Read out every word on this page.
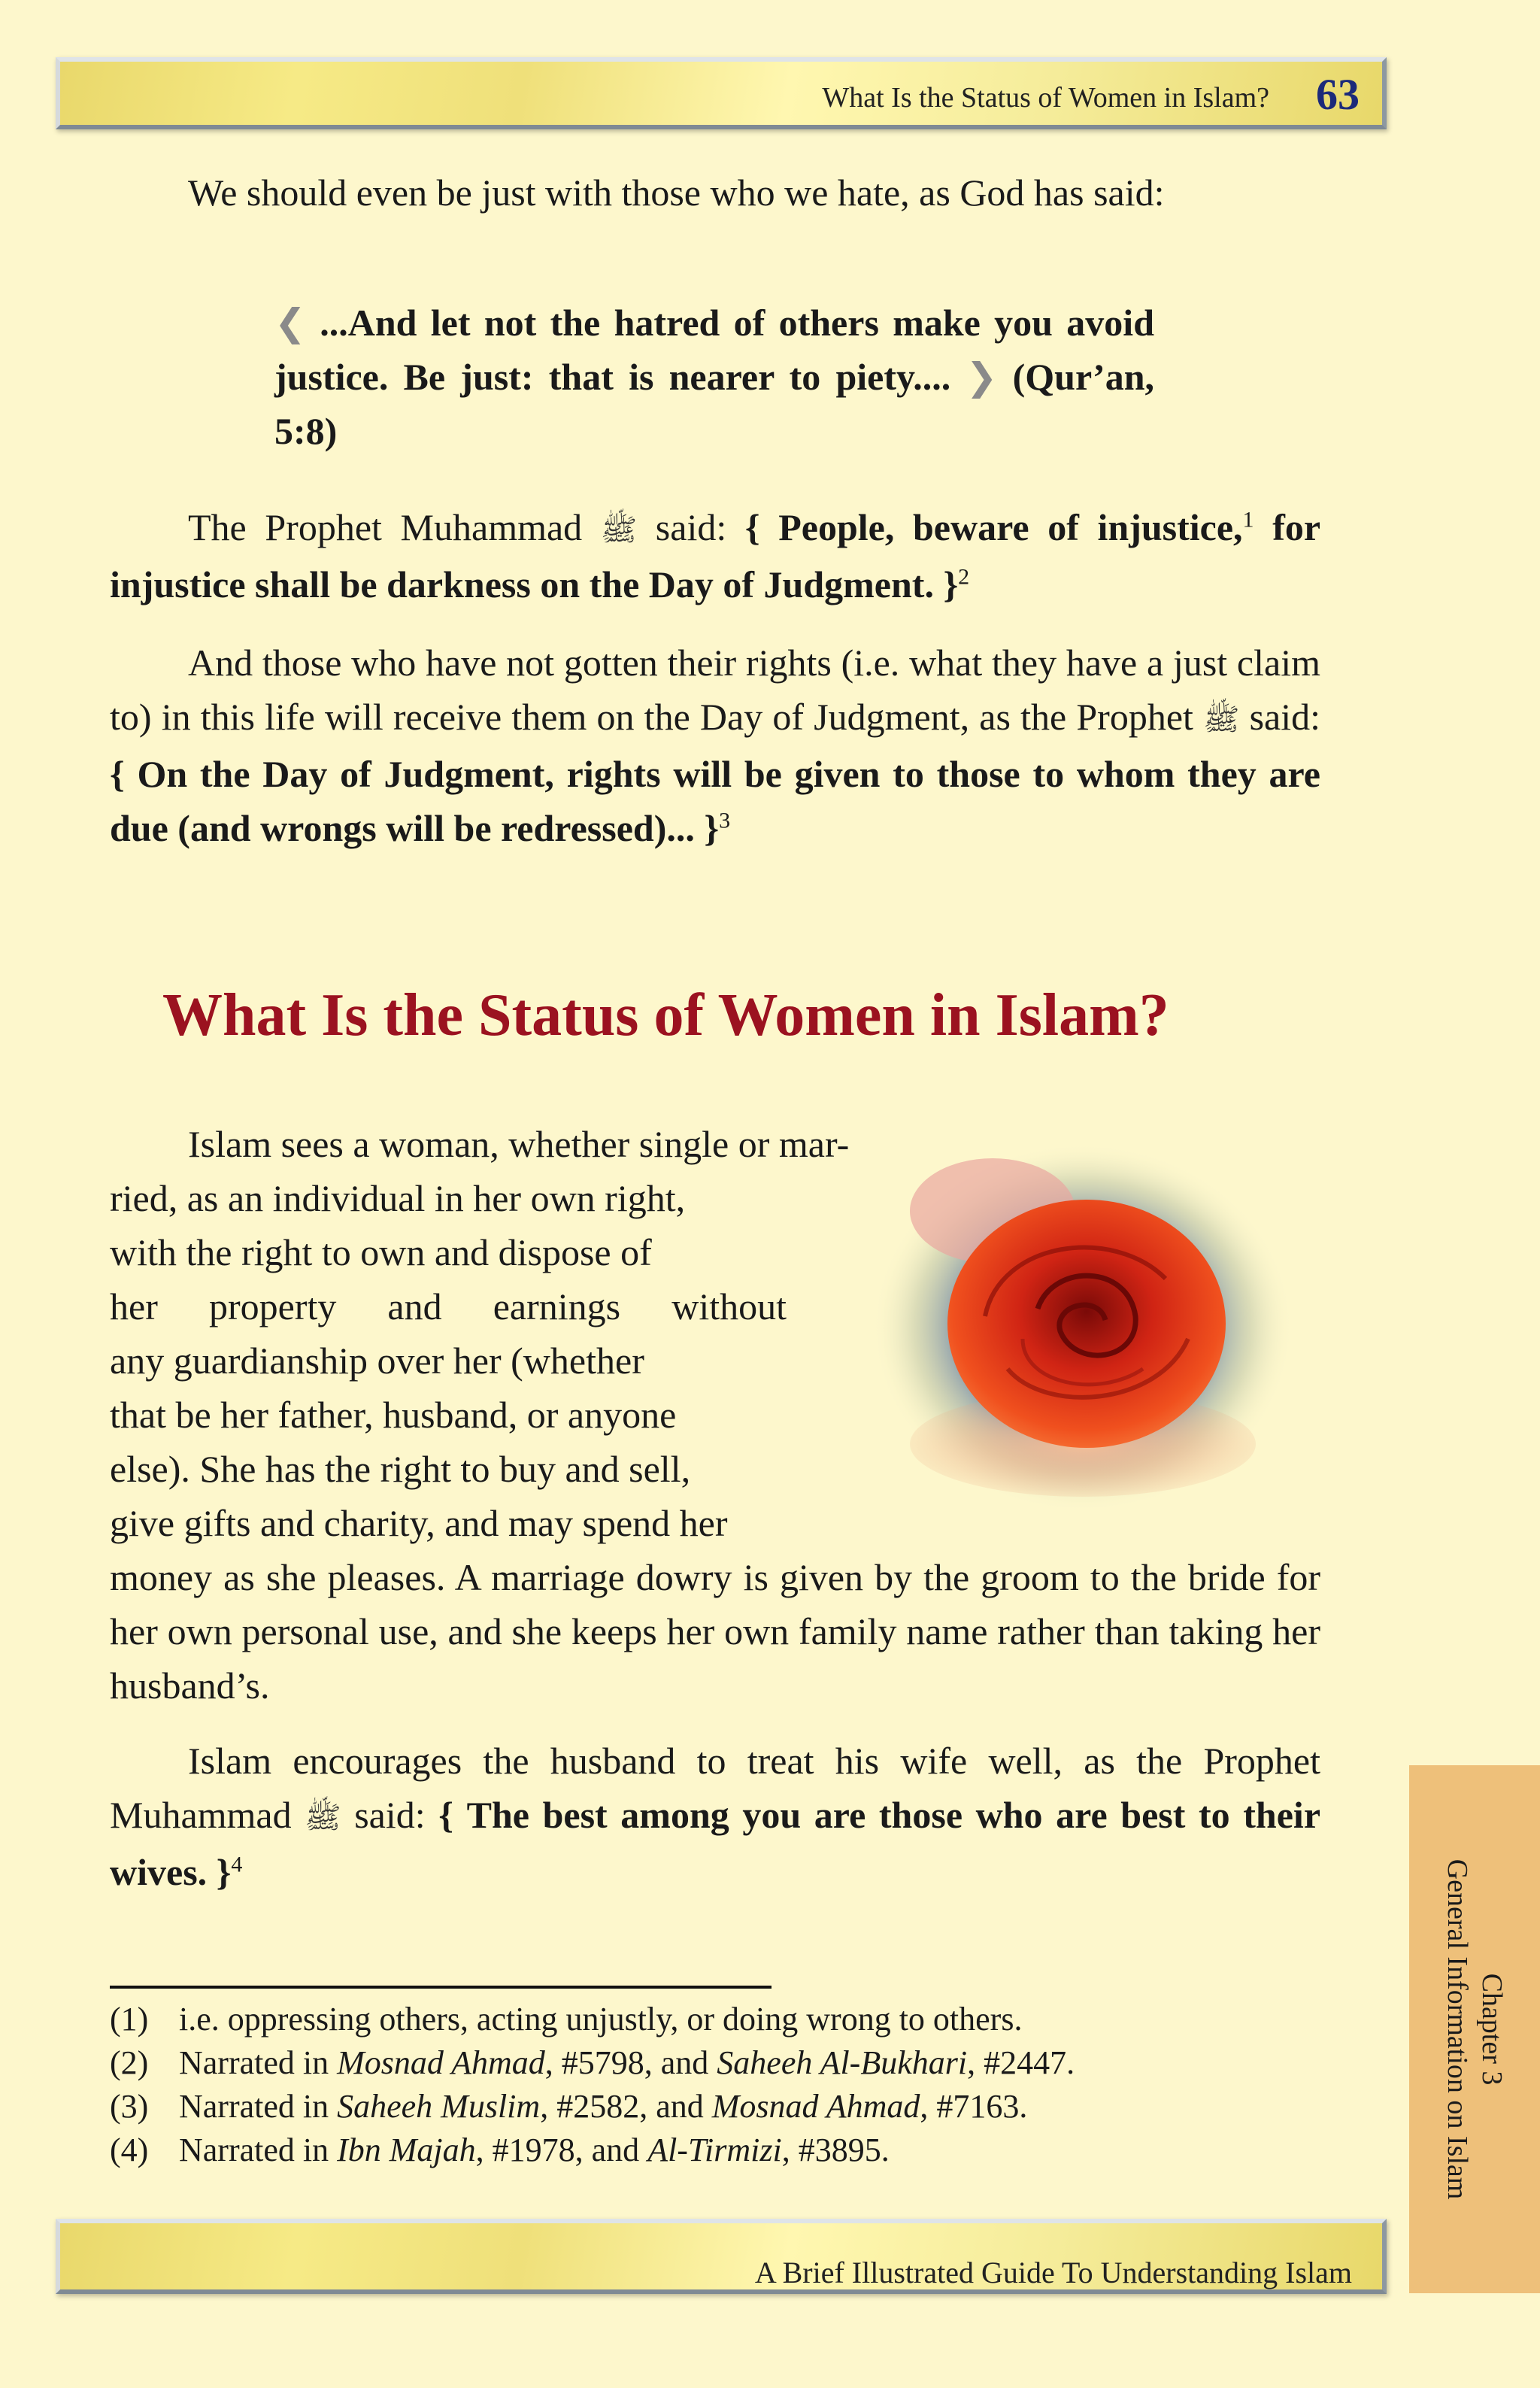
What Is the Status of Women in Islam? 63

We should even be just with those who we hate, as God has said:

❮ ...And let not the hatred of others make you avoid justice. Be just: that is nearer to piety.... ❯ (Qur’an, 5:8)

The Prophet Muhammad ﷺ said: { People, beware of injustice,$^1$ for injustice shall be darkness on the Day of Judgment. }$^2$

And those who have not gotten their rights (i.e. what they have a just claim to) in this life will receive them on the Day of Judgment, as the Prophet ﷺ said: { On the Day of Judgment, rights will be given to those to whom they are due (and wrongs will be redressed)... }$^3$

What Is the Status of Women in Islam?
Islam sees a woman, whether single or mar-
ried, as an individual in her own right,
with the right to own and dispose of
her property and earnings without
any guardianship over her (whether
that be her father, husband, or anyone
else). She has the right to buy and sell,
give gifts and charity, and may spend her
money as she pleases. A marriage dowry is given by the groom to the bride for her own personal use, and she keeps her own family name rather than taking her husband’s.

Islam encourages the husband to treat his wife well, as the Prophet Muhammad ﷺ said: { The best among you are those who are best to their wives. }$^4$

(1) i.e. oppressing others, acting unjustly, or doing wrong to others.
(2) Narrated in Mosnad Ahmad, #5798, and Saheeh Al-Bukhari, #2447.
(3) Narrated in Saheeh Muslim, #2582, and Mosnad Ahmad, #7163.
(4) Narrated in Ibn Majah, #1978, and Al-Tirmizi, #3895.
Chapter 3
General Information on Islam
A Brief Illustrated Guide To Understanding Islam
